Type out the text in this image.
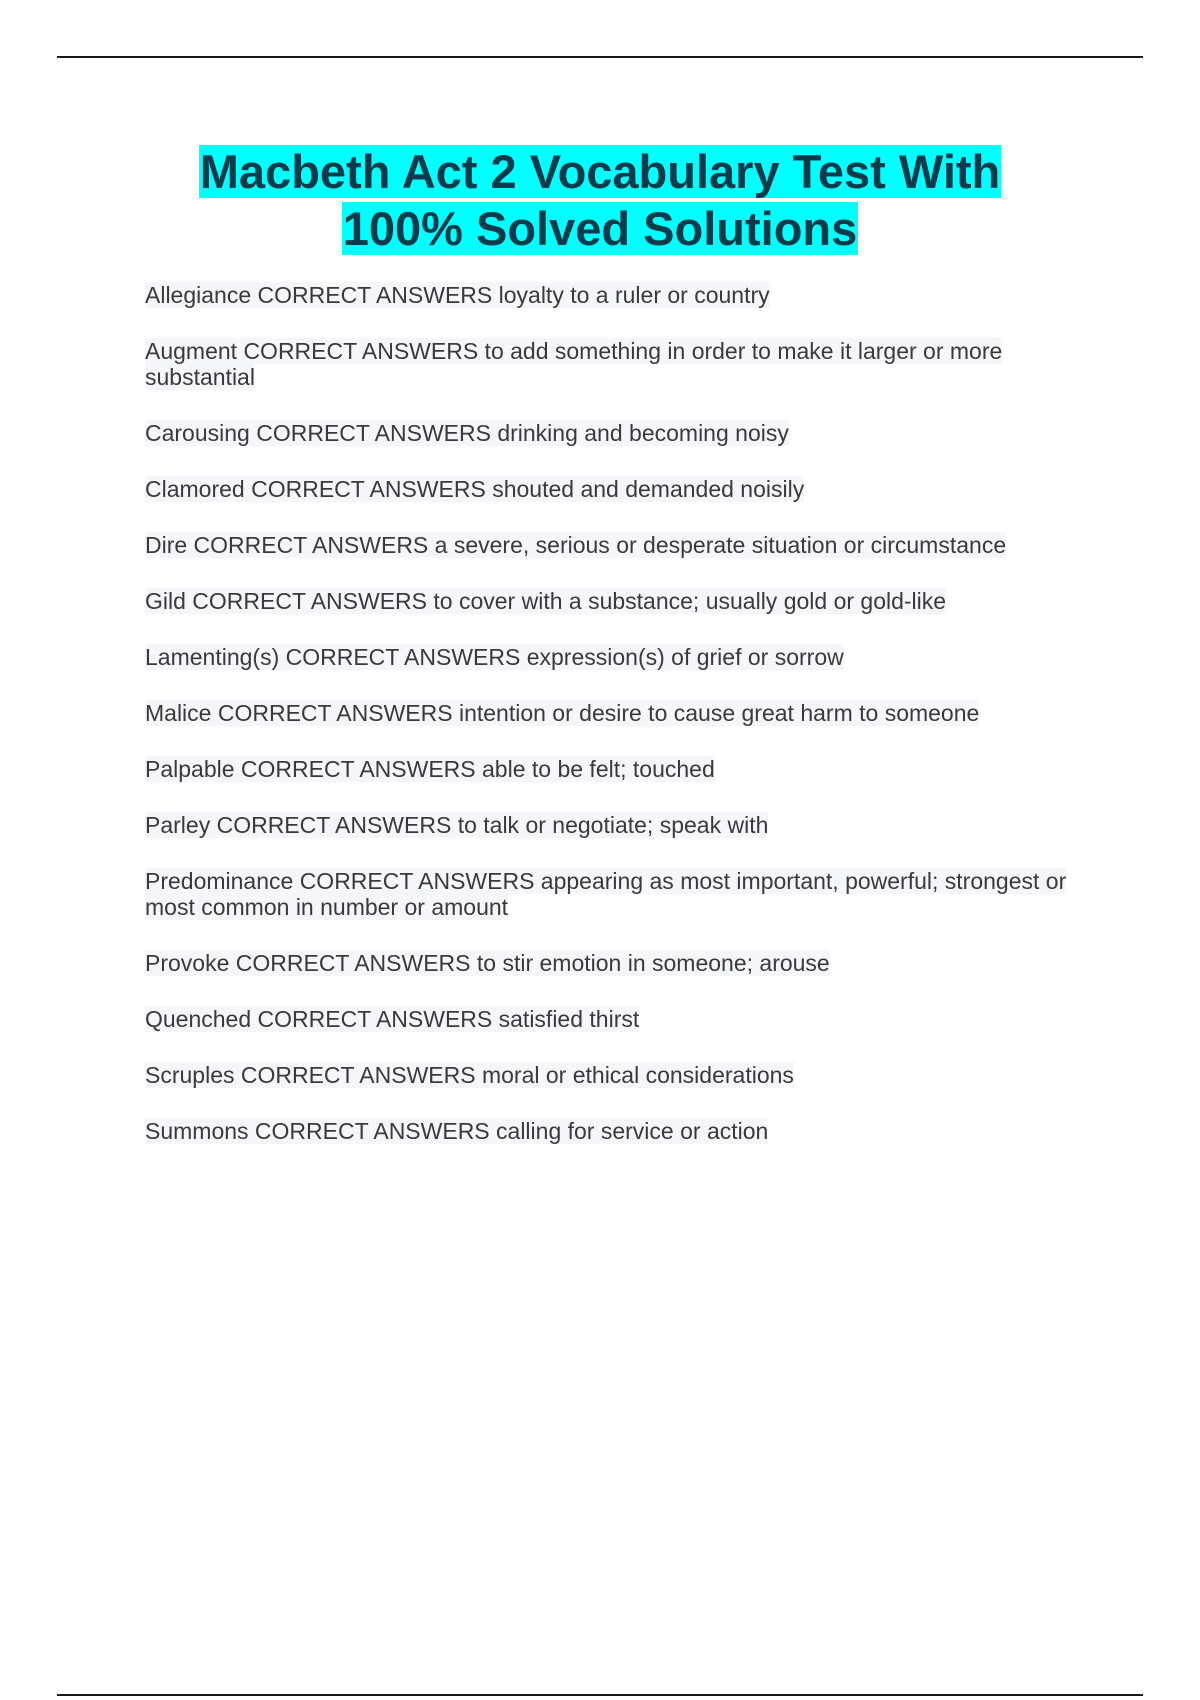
Macbeth Act 2 Vocabulary Test With
100% Solved Solutions
Allegiance CORRECT ANSWERS loyalty to a ruler or country
Augment CORRECT ANSWERS to add something in order to make it larger or more substantial
Carousing CORRECT ANSWERS drinking and becoming noisy
Clamored CORRECT ANSWERS shouted and demanded noisily
Dire CORRECT ANSWERS a severe, serious or desperate situation or circumstance
Gild CORRECT ANSWERS to cover with a substance; usually gold or gold-like
Lamenting(s) CORRECT ANSWERS expression(s) of grief or sorrow
Malice CORRECT ANSWERS intention or desire to cause great harm to someone
Palpable CORRECT ANSWERS able to be felt; touched
Parley CORRECT ANSWERS to talk or negotiate; speak with
Predominance CORRECT ANSWERS appearing as most important, powerful; strongest or most common in number or amount
Provoke CORRECT ANSWERS to stir emotion in someone; arouse
Quenched CORRECT ANSWERS satisfied thirst
Scruples CORRECT ANSWERS moral or ethical considerations
Summons CORRECT ANSWERS calling for service or action
